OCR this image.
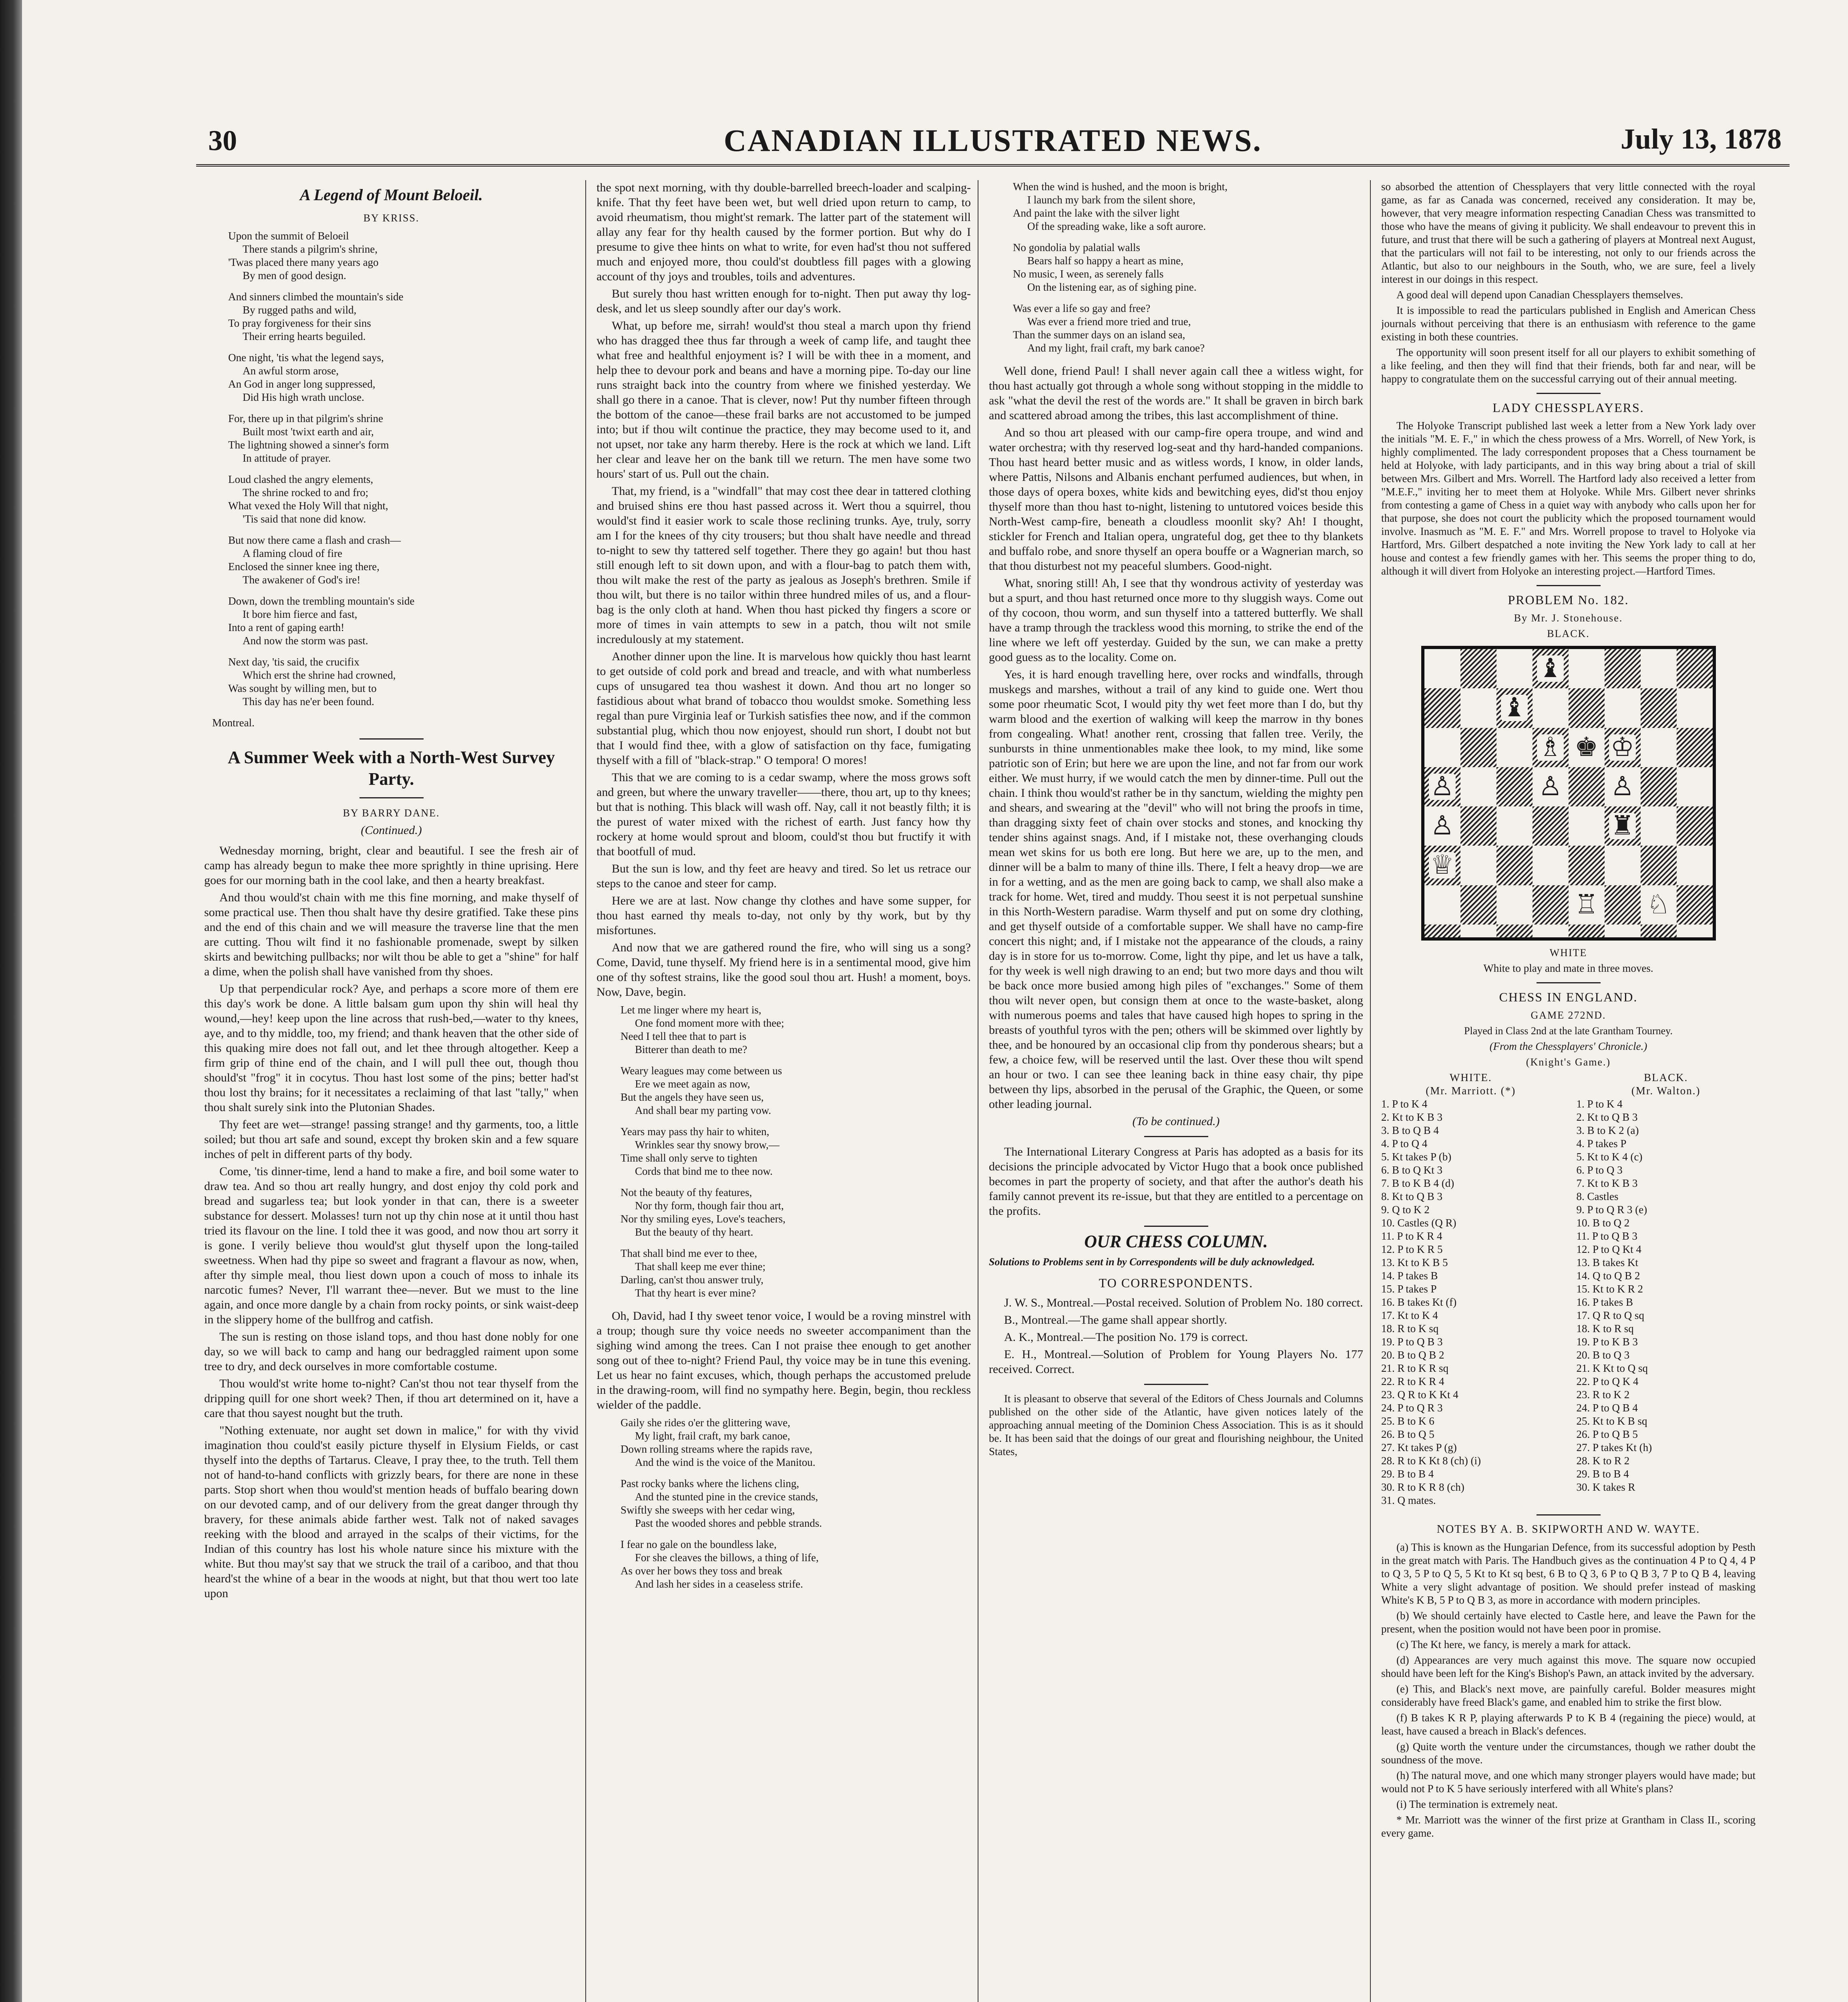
30	CANADIAN ILLUSTRATED NEWS.	July 13, 1878
A Legend of Mount Beloeil.
BY KRISS.
Upon the summit of Beloeil
There stands a pilgrim's shrine,
'Twas placed there many years ago
By men of good design.
And sinners climbed the mountain's side
By rugged paths and wild,
To pray forgiveness for their sins
Their erring hearts beguiled.
One night, 'tis what the legend says,
An awful storm arose,
An God in anger long suppressed,
Did His high wrath unclose.
For, there up in that pilgrim's shrine
Built most 'twixt earth and air,
The lightning showed a sinner's form
In attitude of prayer.
Loud clashed the angry elements,
The shrine rocked to and fro;
What vexed the Holy Will that night,
'Tis said that none did know.
But now there came a flash and crash—
A flaming cloud of fire
Enclosed the sinner knee ing there,
The awakener of God's ire!
Down, down the trembling mountain's side
It bore him fierce and fast,
Into a rent of gaping earth!
And now the storm was past.
Next day, 'tis said, the crucifix
Which erst the shrine had crowned,
Was sought by willing men, but to
This day has ne'er been found.
Montreal.
A Summer Week with a North-West Survey Party.
BY BARRY DANE.
(Continued.)

Wednesday morning, bright, clear and beautiful. I see the fresh air of camp has already begun to make thee more sprightly in thine uprising. Here goes for our morning bath in the cool lake, and then a hearty breakfast.

And thou would'st chain with me this fine morning, and make thyself of some practical use. Then thou shalt have thy desire gratified. Take these pins and the end of this chain and we will measure the traverse line that the men are cutting. Thou wilt find it no fashionable promenade, swept by silken skirts and bewitching pullbacks; nor wilt thou be able to get a "shine" for half a dime, when the polish shall have vanished from thy shoes.

Up that perpendicular rock? Aye, and perhaps a score more of them ere this day's work be done. A little balsam gum upon thy shin will heal thy wound,—hey! keep upon the line across that rush-bed,—water to thy knees, aye, and to thy middle, too, my friend; and thank heaven that the other side of this quaking mire does not fall out, and let thee through altogether. Keep a firm grip of thine end of the chain, and I will pull thee out, though thou should'st "frog" it in cocytus. Thou hast lost some of the pins; better had'st thou lost thy brains; for it necessitates a reclaiming of that last "tally," when thou shalt surely sink into the Plutonian Shades.

Thy feet are wet—strange! passing strange! and thy garments, too, a little soiled; but thou art safe and sound, except thy broken skin and a few square inches of pelt in different parts of thy body.

Come, 'tis dinner-time, lend a hand to make a fire, and boil some water to draw tea. And so thou art really hungry, and dost enjoy thy cold pork and bread and sugarless tea; but look yonder in that can, there is a sweeter substance for dessert. Molasses! turn not up thy chin nose at it until thou hast tried its flavour on the line. I told thee it was good, and now thou art sorry it is gone. I verily believe thou would'st glut thyself upon the long-tailed sweetness. When had thy pipe so sweet and fragrant a flavour as now, when, after thy simple meal, thou liest down upon a couch of moss to inhale its narcotic fumes? Never, I'll warrant thee—never. But we must to the line again, and once more dangle by a chain from rocky points, or sink waist-deep in the slippery home of the bullfrog and catfish.

The sun is resting on those island tops, and thou hast done nobly for one day, so we will back to camp and hang our bedraggled raiment upon some tree to dry, and deck ourselves in more comfortable costume.

Thou would'st write home to-night? Can'st thou not tear thyself from the dripping quill for one short week? Then, if thou art determined on it, have a care that thou sayest nought but the truth.

"Nothing extenuate, nor aught set down in malice," for with thy vivid imagination thou could'st easily picture thyself in Elysium Fields, or cast thyself into the depths of Tartarus. Cleave, I pray thee, to the truth. Tell them not of hand-to-hand conflicts with grizzly bears, for there are none in these parts. Stop short when thou would'st mention heads of buffalo bearing down on our devoted camp, and of our delivery from the great danger through thy bravery, for these animals abide farther west. Talk not of naked savages reeking with the blood and arrayed in the scalps of their victims, for the Indian of this country has lost his whole nature since his mixture with the white. But thou may'st say that we struck the trail of a cariboo, and that thou heard'st the whine of a bear in the woods at night, but that thou wert too late upon

the spot next morning, with thy double-barrelled breech-loader and scalping-knife. That thy feet have been wet, but well dried upon return to camp, to avoid rheumatism, thou might'st remark. The latter part of the statement will allay any fear for thy health caused by the former portion. But why do I presume to give thee hints on what to write, for even had'st thou not suffered much and enjoyed more, thou could'st doubtless fill pages with a glowing account of thy joys and troubles, toils and adventures.

But surely thou hast written enough for to-night. Then put away thy log-desk, and let us sleep soundly after our day's work.

What, up before me, sirrah! would'st thou steal a march upon thy friend who has dragged thee thus far through a week of camp life, and taught thee what free and healthful enjoyment is? I will be with thee in a moment, and help thee to devour pork and beans and have a morning pipe. To-day our line runs straight back into the country from where we finished yesterday. We shall go there in a canoe. That is clever, now! Put thy number fifteen through the bottom of the canoe—these frail barks are not accustomed to be jumped into; but if thou wilt continue the practice, they may become used to it, and not upset, nor take any harm thereby. Here is the rock at which we land. Lift her clear and leave her on the bank till we return. The men have some two hours' start of us. Pull out the chain.

That, my friend, is a "windfall" that may cost thee dear in tattered clothing and bruised shins ere thou hast passed across it. Wert thou a squirrel, thou would'st find it easier work to scale those reclining trunks. Aye, truly, sorry am I for the knees of thy city trousers; but thou shalt have needle and thread to-night to sew thy tattered self together. There they go again! but thou hast still enough left to sit down upon, and with a flour-bag to patch them with, thou wilt make the rest of the party as jealous as Joseph's brethren. Smile if thou wilt, but there is no tailor within three hundred miles of us, and a flour-bag is the only cloth at hand. When thou hast picked thy fingers a score or more of times in vain attempts to sew in a patch, thou wilt not smile incredulously at my statement.

Another dinner upon the line. It is marvelous how quickly thou hast learnt to get outside of cold pork and bread and treacle, and with what numberless cups of unsugared tea thou washest it down. And thou art no longer so fastidious about what brand of tobacco thou wouldst smoke. Something less regal than pure Virginia leaf or Turkish satisfies thee now, and if the common substantial plug, which thou now enjoyest, should run short, I doubt not but that I would find thee, with a glow of satisfaction on thy face, fumigating thyself with a fill of "black-strap." O tempora! O mores!

This that we are coming to is a cedar swamp, where the moss grows soft and green, but where the unwary traveller——there, thou art, up to thy knees; but that is nothing. This black will wash off. Nay, call it not beastly filth; it is the purest of water mixed with the richest of earth. Just fancy how thy rockery at home would sprout and bloom, could'st thou but fructify it with that bootfull of mud.

But the sun is low, and thy feet are heavy and tired. So let us retrace our steps to the canoe and steer for camp.

Here we are at last. Now change thy clothes and have some supper, for thou hast earned thy meals to-day, not only by thy work, but by thy misfortunes.

And now that we are gathered round the fire, who will sing us a song? Come, David, tune thyself. My friend here is in a sentimental mood, give him one of thy softest strains, like the good soul thou art. Hush! a moment, boys. Now, Dave, begin.

Let me linger where my heart is,
One fond moment more with thee;
Need I tell thee that to part is
Bitterer than death to me?
Weary leagues may come between us
Ere we meet again as now,
But the angels they have seen us,
And shall bear my parting vow.
Years may pass thy hair to whiten,
Wrinkles sear thy snowy brow,—
Time shall only serve to tighten
Cords that bind me to thee now.
Not the beauty of thy features,
Nor thy form, though fair thou art,
Nor thy smiling eyes, Love's teachers,
But the beauty of thy heart.
That shall bind me ever to thee,
That shall keep me ever thine;
Darling, can'st thou answer truly,
That thy heart is ever mine?

Oh, David, had I thy sweet tenor voice, I would be a roving minstrel with a troup; though sure thy voice needs no sweeter accompaniment than the sighing wind among the trees. Can I not praise thee enough to get another song out of thee to-night? Friend Paul, thy voice may be in tune this evening. Let us hear no faint excuses, which, though perhaps the accustomed prelude in the drawing-room, will find no sympathy here. Begin, begin, thou reckless wielder of the paddle.

Gaily she rides o'er the glittering wave,
My light, frail craft, my bark canoe,
Down rolling streams where the rapids rave,
And the wind is the voice of the Manitou.
Past rocky banks where the lichens cling,
And the stunted pine in the crevice stands,
Swiftly she sweeps with her cedar wing,
Past the wooded shores and pebble strands.
I fear no gale on the boundless lake,
For she cleaves the billows, a thing of life,
As over her bows they toss and break
And lash her sides in a ceaseless strife.
When the wind is hushed, and the moon is bright,
I launch my bark from the silent shore,
And paint the lake with the silver light
Of the spreading wake, like a soft aurore.
No gondolia by palatial walls
Bears half so happy a heart as mine,
No music, I ween, as serenely falls
On the listening ear, as of sighing pine.
Was ever a life so gay and free?
Was ever a friend more tried and true,
Than the summer days on an island sea,
And my light, frail craft, my bark canoe?

Well done, friend Paul! I shall never again call thee a witless wight, for thou hast actually got through a whole song without stopping in the middle to ask "what the devil the rest of the words are." It shall be graven in birch bark and scattered abroad among the tribes, this last accomplishment of thine.

And so thou art pleased with our camp-fire opera troupe, and wind and water orchestra; with thy reserved log-seat and thy hard-handed companions. Thou hast heard better music and as witless words, I know, in older lands, where Pattis, Nilsons and Albanis enchant perfumed audiences, but when, in those days of opera boxes, white kids and bewitching eyes, did'st thou enjoy thyself more than thou hast to-night, listening to untutored voices beside this North-West camp-fire, beneath a cloudless moonlit sky? Ah! I thought, stickler for French and Italian opera, ungrateful dog, get thee to thy blankets and buffalo robe, and snore thyself an opera bouffe or a Wagnerian march, so that thou disturbest not my peaceful slumbers. Good-night.

What, snoring still! Ah, I see that thy wondrous activity of yesterday was but a spurt, and thou hast returned once more to thy sluggish ways. Come out of thy cocoon, thou worm, and sun thyself into a tattered butterfly. We shall have a tramp through the trackless wood this morning, to strike the end of the line where we left off yesterday. Guided by the sun, we can make a pretty good guess as to the locality. Come on.

Yes, it is hard enough travelling here, over rocks and windfalls, through muskegs and marshes, without a trail of any kind to guide one. Wert thou some poor rheumatic Scot, I would pity thy wet feet more than I do, but thy warm blood and the exertion of walking will keep the marrow in thy bones from congealing. What! another rent, crossing that fallen tree. Verily, the sunbursts in thine unmentionables make thee look, to my mind, like some patriotic son of Erin; but here we are upon the line, and not far from our work either. We must hurry, if we would catch the men by dinner-time. Pull out the chain. I think thou would'st rather be in thy sanctum, wielding the mighty pen and shears, and swearing at the "devil" who will not bring the proofs in time, than dragging sixty feet of chain over stocks and stones, and knocking thy tender shins against snags. And, if I mistake not, these overhanging clouds mean wet skins for us both ere long. But here we are, up to the men, and dinner will be a balm to many of thine ills. There, I felt a heavy drop—we are in for a wetting, and as the men are going back to camp, we shall also make a track for home. Wet, tired and muddy. Thou seest it is not perpetual sunshine in this North-Western paradise. Warm thyself and put on some dry clothing, and get thyself outside of a comfortable supper. We shall have no camp-fire concert this night; and, if I mistake not the appearance of the clouds, a rainy day is in store for us to-morrow. Come, light thy pipe, and let us have a talk, for thy week is well nigh drawing to an end; but two more days and thou wilt be back once more busied among high piles of "exchanges." Some of them thou wilt never open, but consign them at once to the waste-basket, along with numerous poems and tales that have caused high hopes to spring in the breasts of youthful tyros with the pen; others will be skimmed over lightly by thee, and be honoured by an occasional clip from thy ponderous shears; but a few, a choice few, will be reserved until the last. Over these thou wilt spend an hour or two. I can see thee leaning back in thine easy chair, thy pipe between thy lips, absorbed in the perusal of the Graphic, the Queen, or some other leading journal.

(To be continued.)

The International Literary Congress at Paris has adopted as a basis for its decisions the principle advocated by Victor Hugo that a book once published becomes in part the property of society, and that after the author's death his family cannot prevent its re-issue, but that they are entitled to a percentage on the profits.

OUR CHESS COLUMN.

Solutions to Problems sent in by Correspondents will be duly acknowledged.

TO CORRESPONDENTS.

J. W. S., Montreal.—Postal received. Solution of Problem No. 180 correct.

B., Montreal.—The game shall appear shortly.

A. K., Montreal.—The position No. 179 is correct.

E. H., Montreal.—Solution of Problem for Young Players No. 177 received. Correct.

It is pleasant to observe that several of the Editors of Chess Journals and Columns published on the other side of the Atlantic, have given notices lately of the approaching annual meeting of the Dominion Chess Association. This is as it should be. It has been said that the doings of our great and flourishing neighbour, the United States,

so absorbed the attention of Chessplayers that very little connected with the royal game, as far as Canada was concerned, received any consideration. It may be, however, that very meagre information respecting Canadian Chess was transmitted to those who have the means of giving it publicity. We shall endeavour to prevent this in future, and trust that there will be such a gathering of players at Montreal next August, that the particulars will not fail to be interesting, not only to our friends across the Atlantic, but also to our neighbours in the South, who, we are sure, feel a lively interest in our doings in this respect.

A good deal will depend upon Canadian Chessplayers themselves.

It is impossible to read the particulars published in English and American Chess journals without perceiving that there is an enthusiasm with reference to the game existing in both these countries.

The opportunity will soon present itself for all our players to exhibit something of a like feeling, and then they will find that their friends, both far and near, will be happy to congratulate them on the successful carrying out of their annual meeting.

LADY CHESSPLAYERS.

The Holyoke Transcript published last week a letter from a New York lady over the initials "M. E. F.," in which the chess prowess of a Mrs. Worrell, of New York, is highly complimented. The lady correspondent proposes that a Chess tournament be held at Holyoke, with lady participants, and in this way bring about a trial of skill between Mrs. Gilbert and Mrs. Worrell. The Hartford lady also received a letter from "M.E.F.," inviting her to meet them at Holyoke. While Mrs. Gilbert never shrinks from contesting a game of Chess in a quiet way with anybody who calls upon her for that purpose, she does not court the publicity which the proposed tournament would involve. Inasmuch as "M. E. F." and Mrs. Worrell propose to travel to Holyoke via Hartford, Mrs. Gilbert despatched a note inviting the New York lady to call at her house and contest a few friendly games with her. This seems the proper thing to do, although it will divert from Holyoke an interesting project.—Hartford Times.

PROBLEM No. 182.
By Mr. J. Stonehouse.
BLACK.
♝
♝
♗ ♚ ♔
♙	♙ ♙
♙	♜
♕
♖ ♘
WHITE
White to play and mate in three moves.
CHESS IN ENGLAND.
GAME 272ND.
Played in Class 2nd at the late Grantham Tourney.
(From the Chessplayers' Chronicle.)
(Knight's Game.)
WHITE.	BLACK.
(Mr. Marriott. (*)	(Mr. Walton.)
1. P to K 4
2. Kt to K B 3
3. B to Q B 4
4. P to Q 4
5. Kt takes P (b)
6. B to Q Kt 3
7. B to K B 4 (d)
8. Kt to Q B 3
9. Q to K 2
10. Castles (Q R)
11. P to K R 4
12. P to K R 5
13. Kt to K B 5
14. P takes B
15. P takes P
16. B takes Kt (f)
17. Kt to K 4
18. R to K sq
19. P to Q B 3
20. B to Q B 2
21. R to K R sq
22. R to K R 4
23. Q R to K Kt 4
24. P to Q R 3
25. B to K 6
26. B to Q 5
27. Kt takes P (g)
28. R to K Kt 8 (ch) (i)
29. B to B 4
30. R to K R 8 (ch)
31. Q mates.
1. P to K 4
2. Kt to Q B 3
3. B to K 2 (a)
4. P takes P
5. Kt to K 4 (c)
6. P to Q 3
7. Kt to K B 3
8. Castles
9. P to Q R 3 (e)
10. B to Q 2
11. P to Q B 3
12. P to Q Kt 4
13. B takes Kt
14. Q to Q B 2
15. Kt to K R 2
16. P takes B
17. Q R to Q sq
18. K to R sq
19. P to K B 3
20. B to Q 3
21. K Kt to Q sq
22. P to Q K 4
23. R to K 2
24. P to Q B 4
25. Kt to K B sq
26. P to Q B 5
27. P takes Kt (h)
28. K to R 2
29. B to B 4
30. K takes R
NOTES BY A. B. SKIPWORTH AND W. WAYTE.

(a) This is known as the Hungarian Defence, from its successful adoption by Pesth in the great match with Paris. The Handbuch gives as the continuation 4 P to Q 4, 4 P to Q 3, 5 P to Q 5, 5 Kt to Kt sq best, 6 B to Q 3, 6 P to Q B 3, 7 P to Q B 4, leaving White a very slight advantage of position. We should prefer instead of masking White's K B, 5 P to Q B 3, as more in accordance with modern principles.

(b) We should certainly have elected to Castle here, and leave the Pawn for the present, when the position would not have been poor in promise.

(c) The Kt here, we fancy, is merely a mark for attack.

(d) Appearances are very much against this move. The square now occupied should have been left for the King's Bishop's Pawn, an attack invited by the adversary.

(e) This, and Black's next move, are painfully careful. Bolder measures might considerably have freed Black's game, and enabled him to strike the first blow.

(f) B takes K R P, playing afterwards P to K B 4 (regaining the piece) would, at least, have caused a breach in Black's defences.

(g) Quite worth the venture under the circumstances, though we rather doubt the soundness of the move.

(h) The natural move, and one which many stronger players would have made; but would not P to K 5 have seriously interfered with all White's plans?

(i) The termination is extremely neat.

* Mr. Marriott was the winner of the first prize at Grantham in Class II., scoring every game.
